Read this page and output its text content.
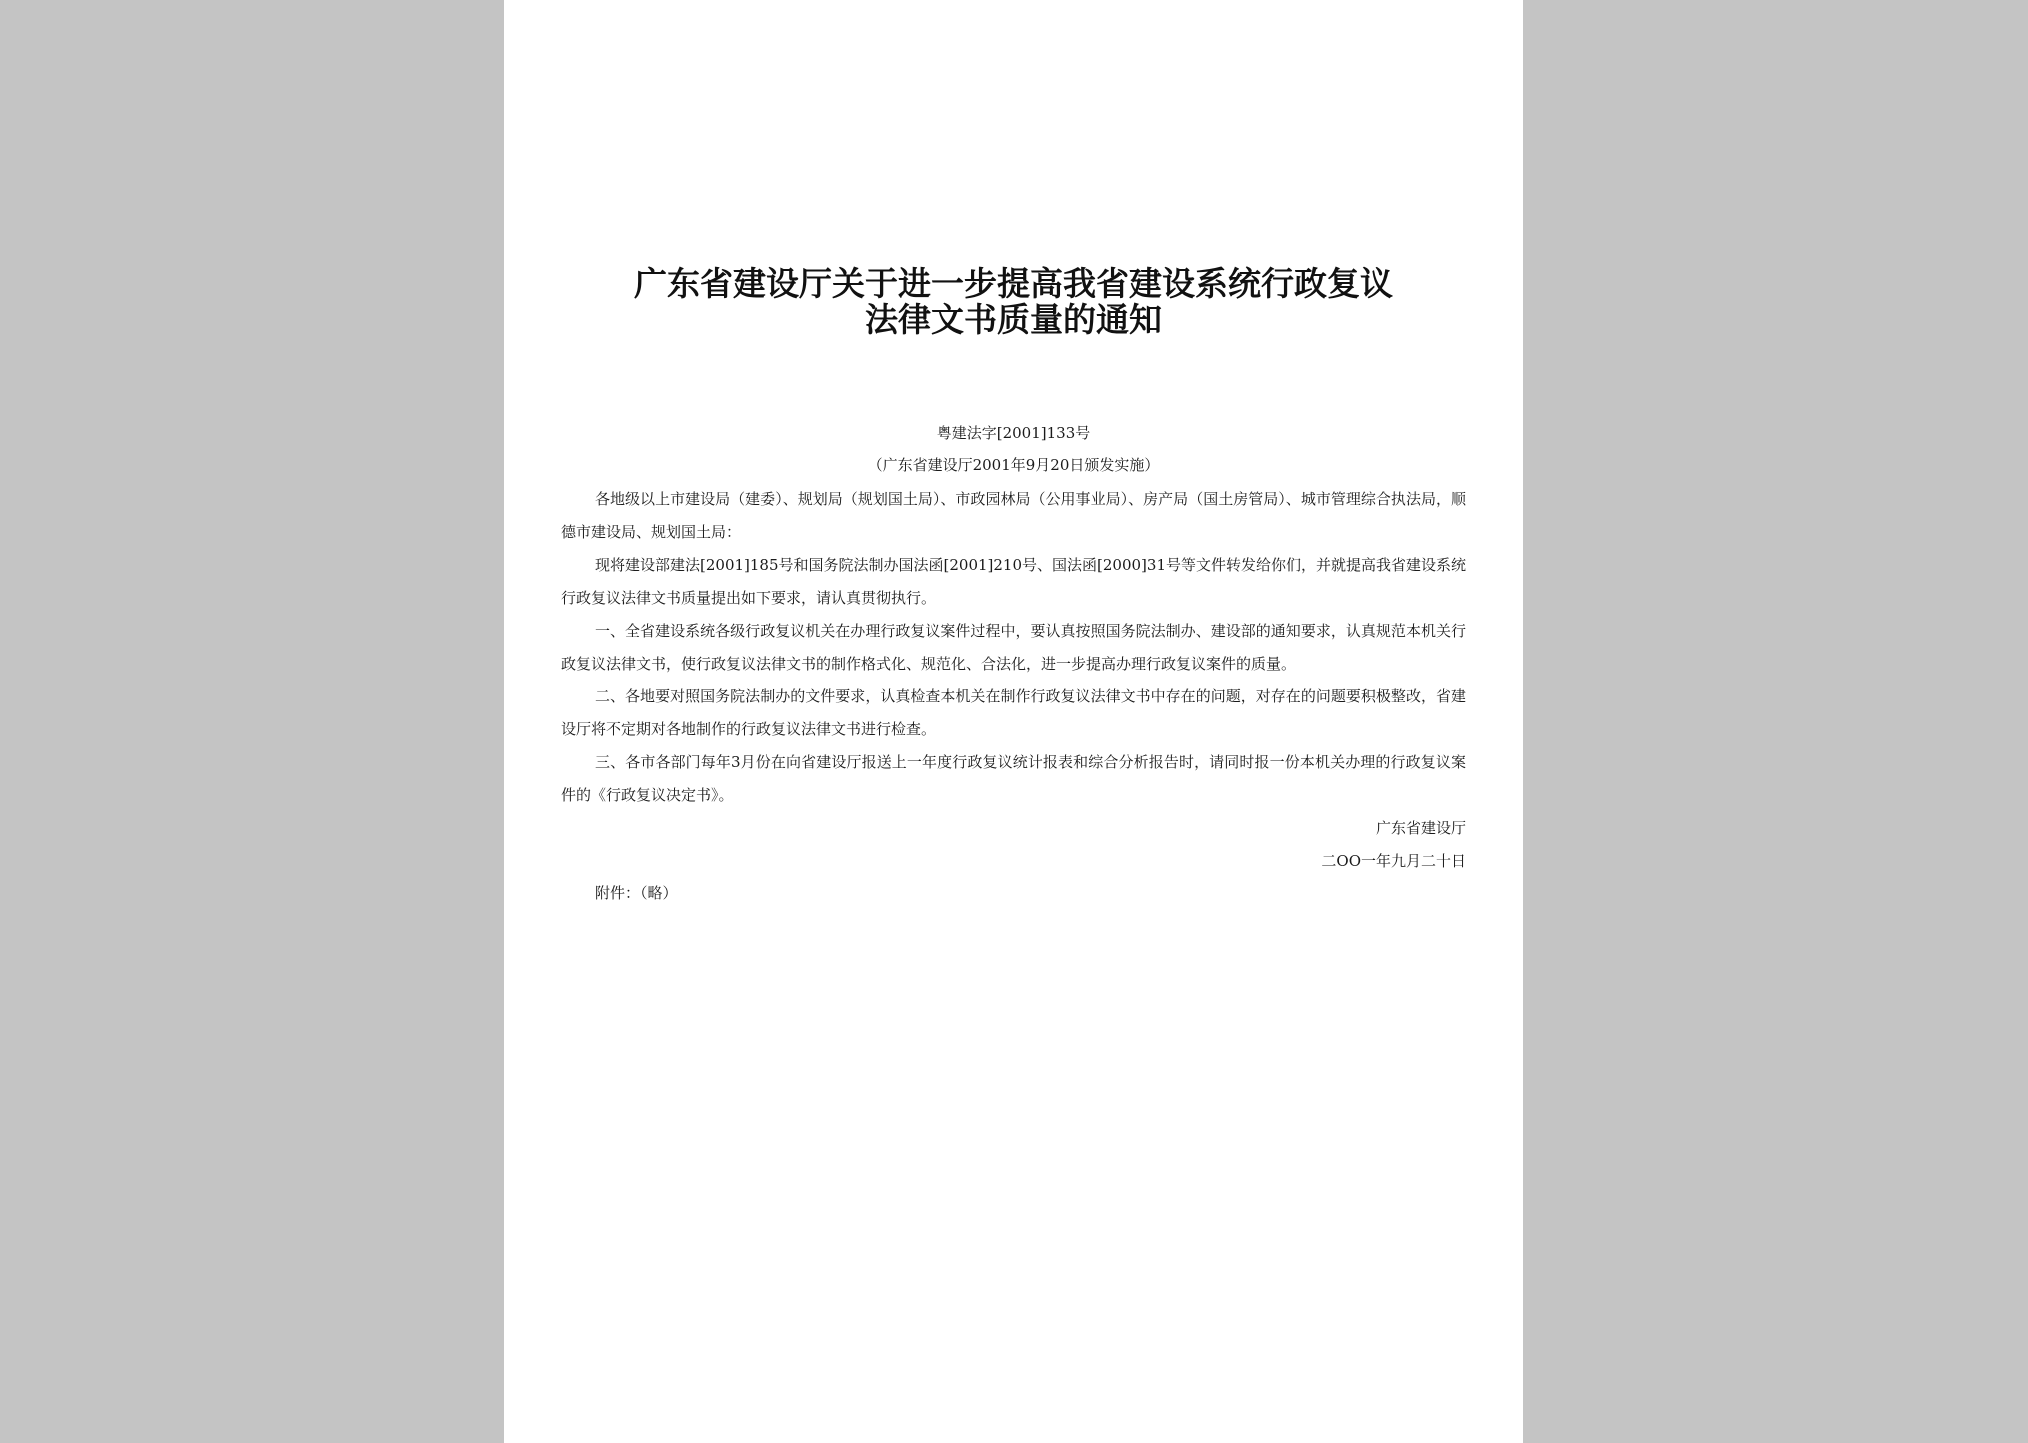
广东省建设厅关于进一步提高我省建设系统行政复议
法律文书质量的通知
粤建法字[2001]133号
（广东省建设厅2001年9月20日颁发实施）

各地级以上市建设局（建委）、规划局（规划国土局）、市政园林局（公用事业局）、房产局（国土房管局）、城市管理综合执法局，顺德市建设局、规划国土局：

现将建设部建法[2001]185号和国务院法制办国法函[2001]210号、国法函[2000]31号等文件转发给你们，并就提高我省建设系统行政复议法律文书质量提出如下要求，请认真贯彻执行。

一、全省建设系统各级行政复议机关在办理行政复议案件过程中，要认真按照国务院法制办、建设部的通知要求，认真规范本机关行政复议法律文书，使行政复议法律文书的制作格式化、规范化、合法化，进一步提高办理行政复议案件的质量。

二、各地要对照国务院法制办的文件要求，认真检查本机关在制作行政复议法律文书中存在的问题，对存在的问题要积极整改，省建设厅将不定期对各地制作的行政复议法律文书进行检查。

三、各市各部门每年3月份在向省建设厅报送上一年度行政复议统计报表和综合分析报告时，请同时报一份本机关办理的行政复议案件的《行政复议决定书》。

广东省建设厅
二OO一年九月二十日
附件：（略）
